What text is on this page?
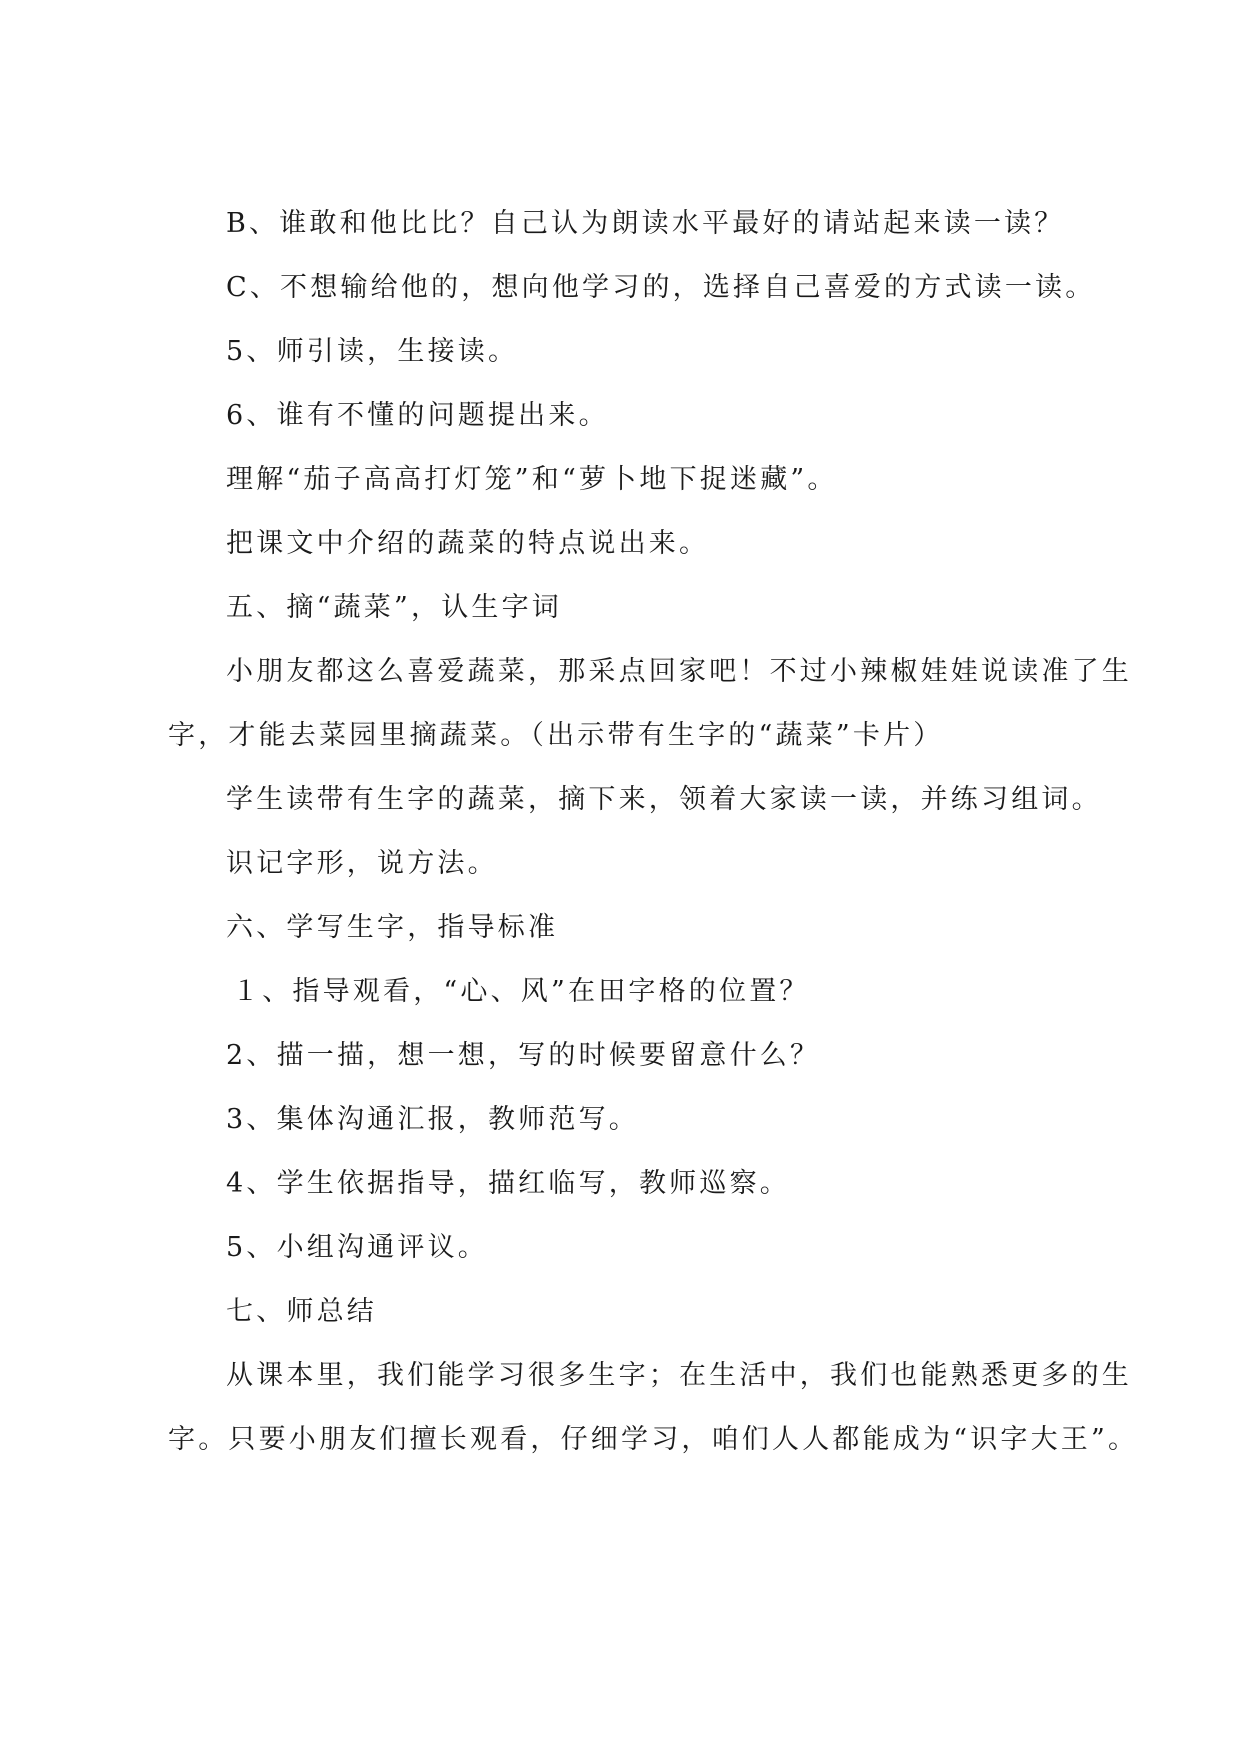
B、谁敢和他比比？自己认为朗读水平最好的请站起来读一读？
C、不想输给他的，想向他学习的，选择自己喜爱的方式读一读。
5、师引读，生接读。
6、谁有不懂的问题提出来。
理解“茄子高高打灯笼”和“萝卜地下捉迷藏”。
把课文中介绍的蔬菜的特点说出来。
五、摘“蔬菜”，认生字词
小朋友都这么喜爱蔬菜，那采点回家吧！不过小辣椒娃娃说读准了生
字，才能去菜园里摘蔬菜。（出示带有生字的“蔬菜”卡片）
学生读带有生字的蔬菜，摘下来，领着大家读一读，并练习组词。
识记字形，说方法。
六、学写生字，指导标准
１、指导观看，“心、风”在田字格的位置？
2、描一描，想一想，写的时候要留意什么？
3、集体沟通汇报，教师范写。
4、学生依据指导，描红临写，教师巡察。
5、小组沟通评议。
七、师总结
从课本里，我们能学习很多生字；在生活中，我们也能熟悉更多的生
字。只要小朋友们擅长观看，仔细学习，咱们人人都能成为“识字大王”。
